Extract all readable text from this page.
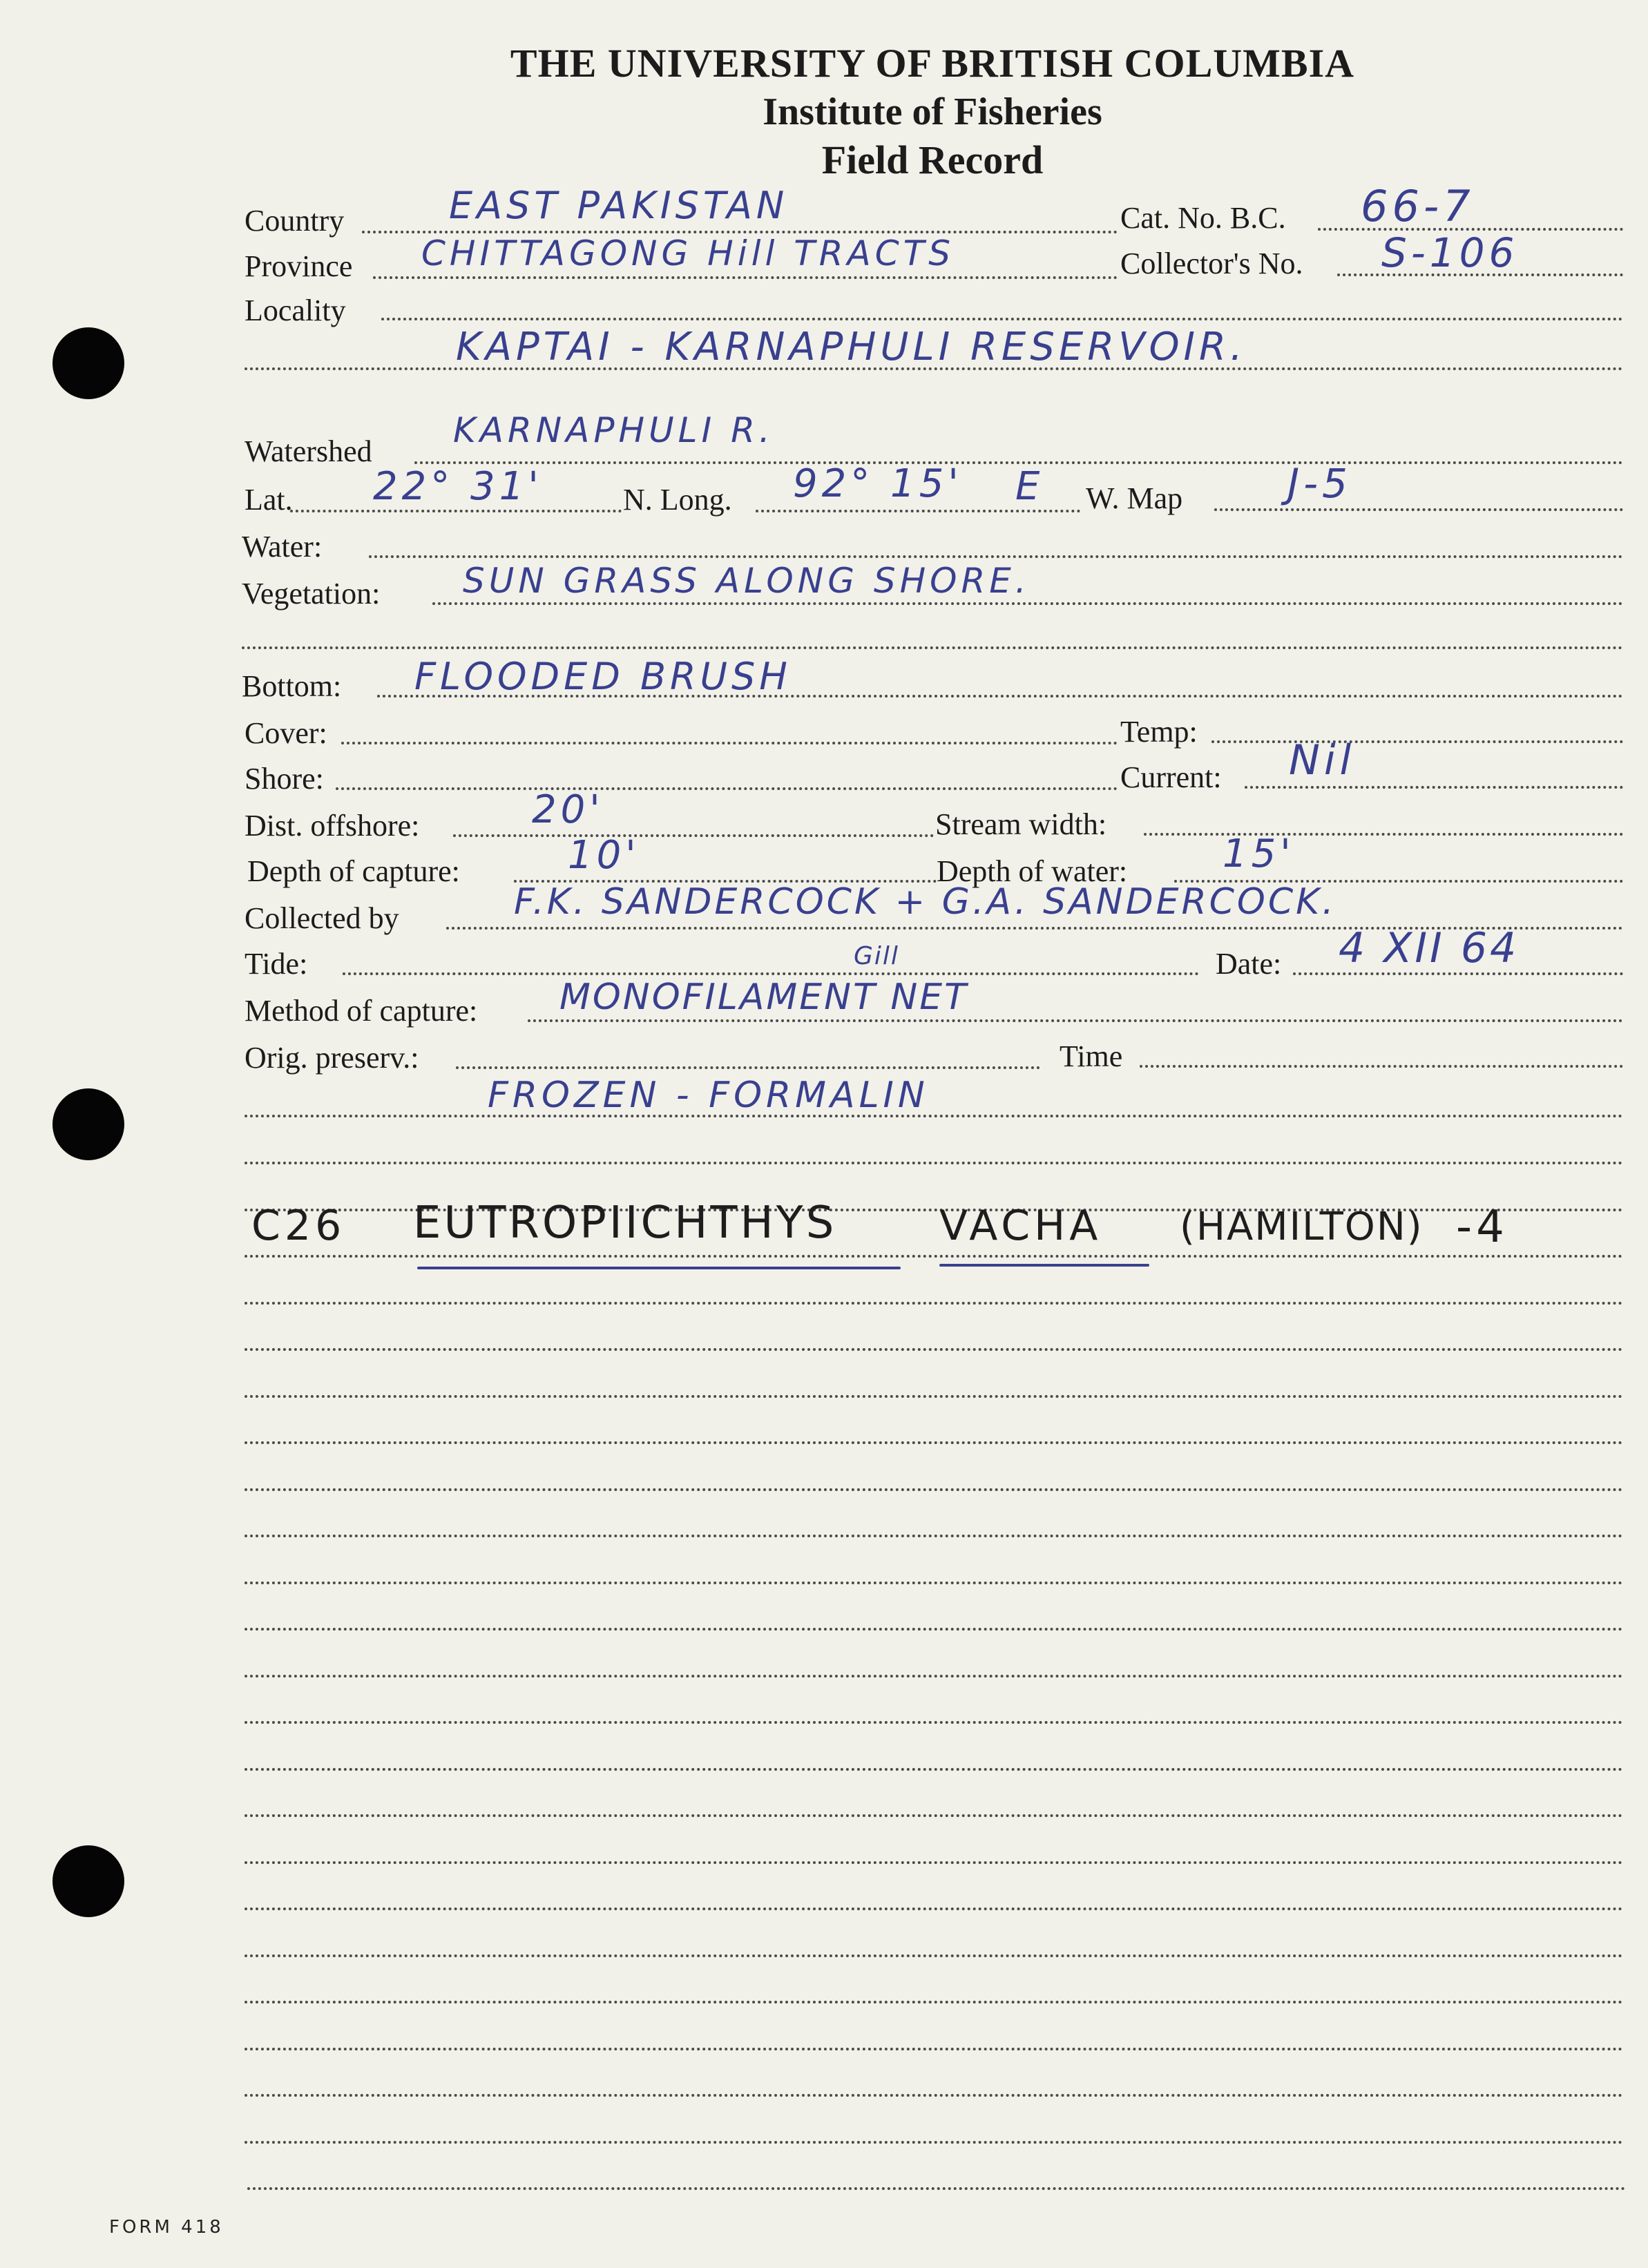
THE UNIVERSITY OF BRITISH COLUMBIA
Institute of Fisheries
Field Record
Country	EAST PAKISTAN	Cat. No. B.C. 66-7
Province CHITTAGONG Hill TRACTS	Collector's No. S-106
Locality
KAPTAI - KARNAPHULI RESERVOIR.
Watershed
KARNAPHULI R.
Lat. 22° 31'	N. Long. 92° 15' E W. Map	J-5
Water:
Vegetation: SUN GRASS ALONG SHORE.
Bottom: FLOODED BRUSH
Cover:	Temp:
Shore:	Current: Nil
Dist. offshore:	20'	Stream width:
Depth of capture:	10'	Depth of water: 15'
Collected by	F.K. SANDERCOCK + G.A. SANDERCOCK.
Tide:	Gill	Date: 4 XII 64
Method of capture: MONOFILAMENT NET
Orig. preserv.:	Time
FROZEN - FORMALIN
C26 EUTROPIICHTHYS VACHA (HAMILTON) -4
FORM 418
